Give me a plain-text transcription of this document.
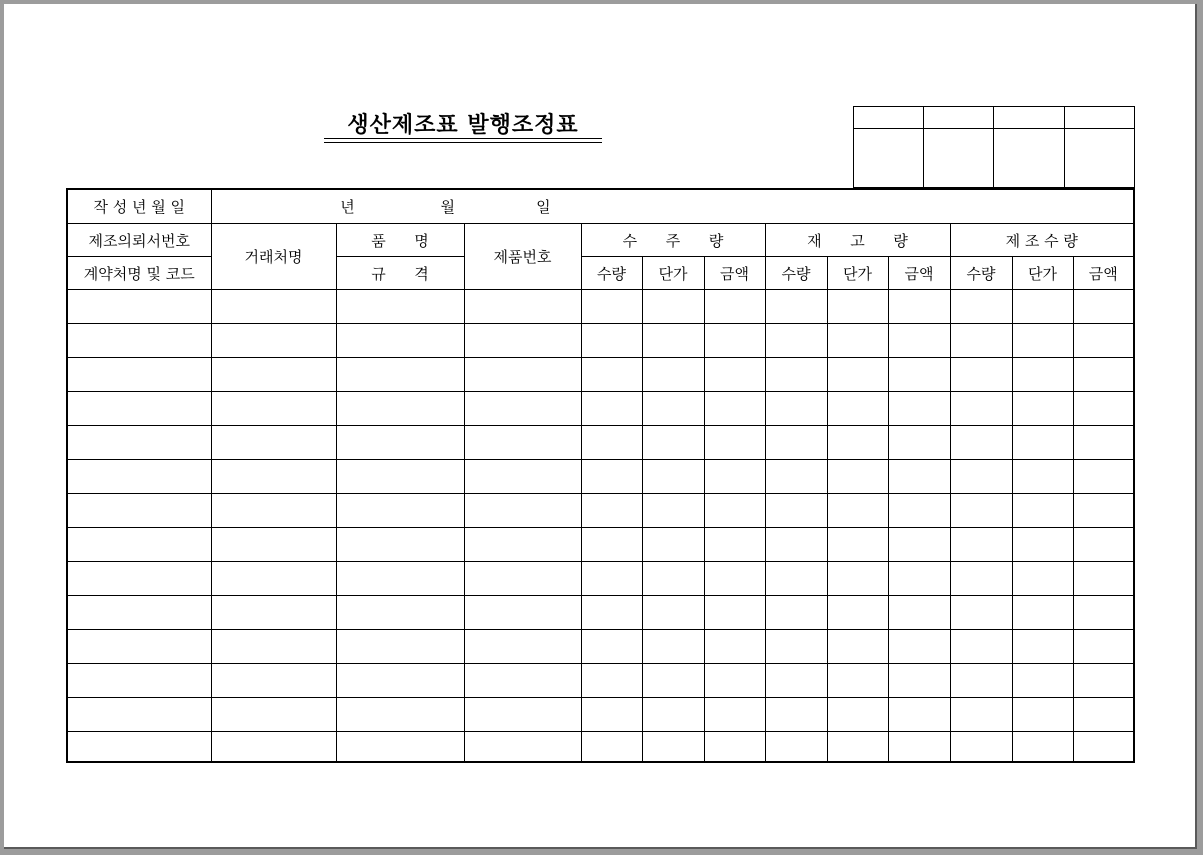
생산제조표 발행조정표

작 성 년 월 일	년                  월                 일											
제조의뢰서번호	거래처명	품      명	제품번호	수      주      량			재      고      량			제 조 수 량		
계약처명 및 코드		규      격		수량	단가	금액	수량	단가	금액	수량	단가	금액
